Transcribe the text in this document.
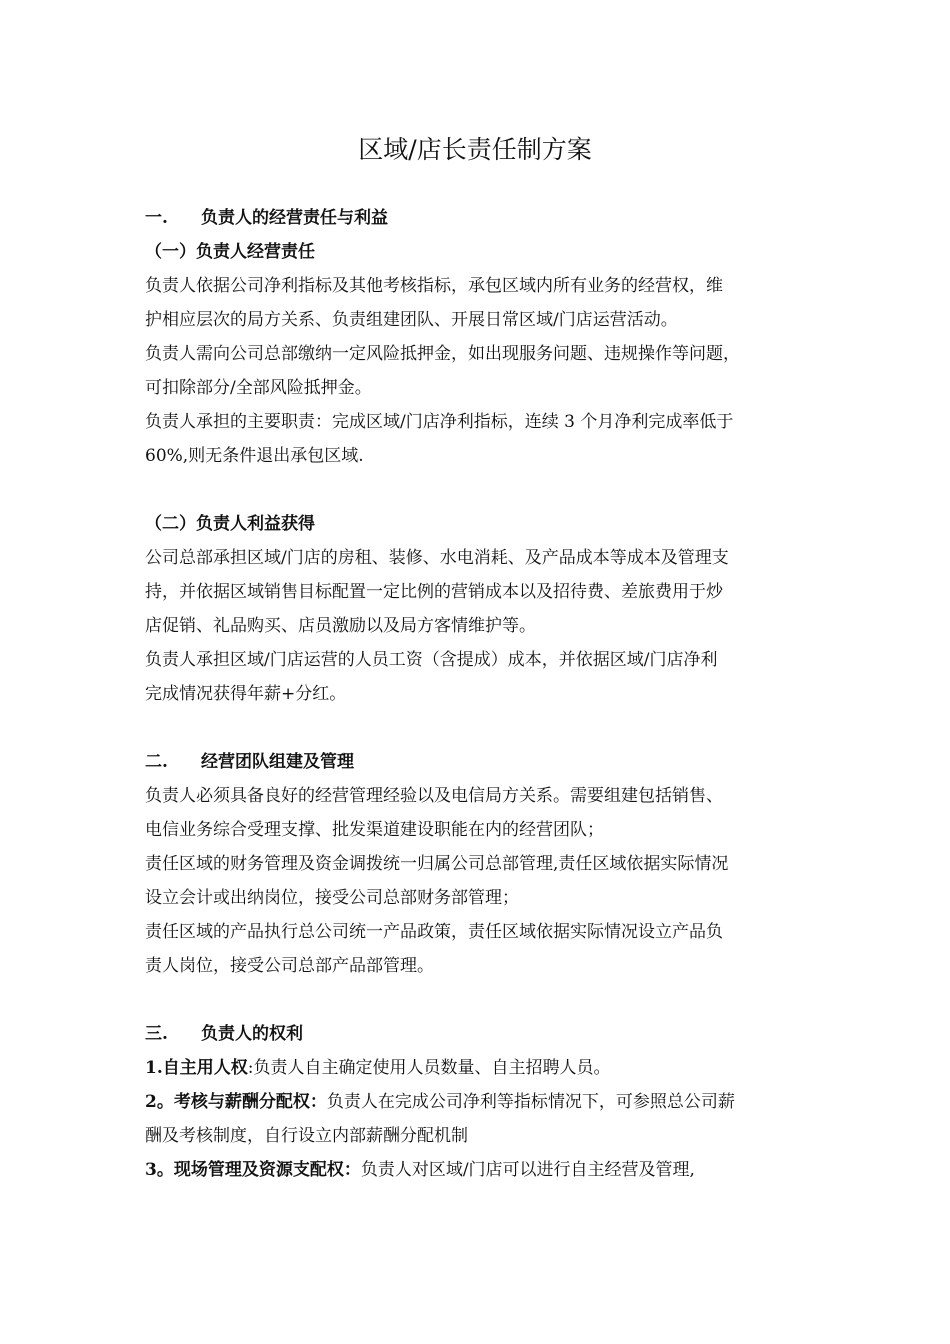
区域/店长责任制方案

一. 负责人的经营责任与利益

（一）负责人经营责任

负责人依据公司净利指标及其他考核指标，承包区域内所有业务的经营权，维

护相应层次的局方关系、负责组建团队、开展日常区域/门店运营活动。

负责人需向公司总部缴纳一定风险抵押金，如出现服务问题、违规操作等问题，

可扣除部分/全部风险抵押金。

负责人承担的主要职责：完成区域/门店净利指标，连续 3 个月净利完成率低于

60%,则无条件退出承包区域.

（二）负责人利益获得

公司总部承担区域/门店的房租、装修、水电消耗、及产品成本等成本及管理支

持，并依据区域销售目标配置一定比例的营销成本以及招待费、差旅费用于炒

店促销、礼品购买、店员激励以及局方客情维护等。

负责人承担区域/门店运营的人员工资（含提成）成本，并依据区域/门店净利

完成情况获得年薪+分红。

二. 经营团队组建及管理

负责人必须具备良好的经营管理经验以及电信局方关系。需要组建包括销售、

电信业务综合受理支撑、批发渠道建设职能在内的经营团队；

责任区域的财务管理及资金调拨统一归属公司总部管理,责任区域依据实际情况

设立会计或出纳岗位，接受公司总部财务部管理；

责任区域的产品执行总公司统一产品政策，责任区域依据实际情况设立产品负

责人岗位，接受公司总部产品部管理。

三. 负责人的权利

1.自主用人权:负责人自主确定使用人员数量、自主招聘人员。

2。考核与薪酬分配权：负责人在完成公司净利等指标情况下，可参照总公司薪

酬及考核制度，自行设立内部薪酬分配机制

3。现场管理及资源支配权：负责人对区域/门店可以进行自主经营及管理,
